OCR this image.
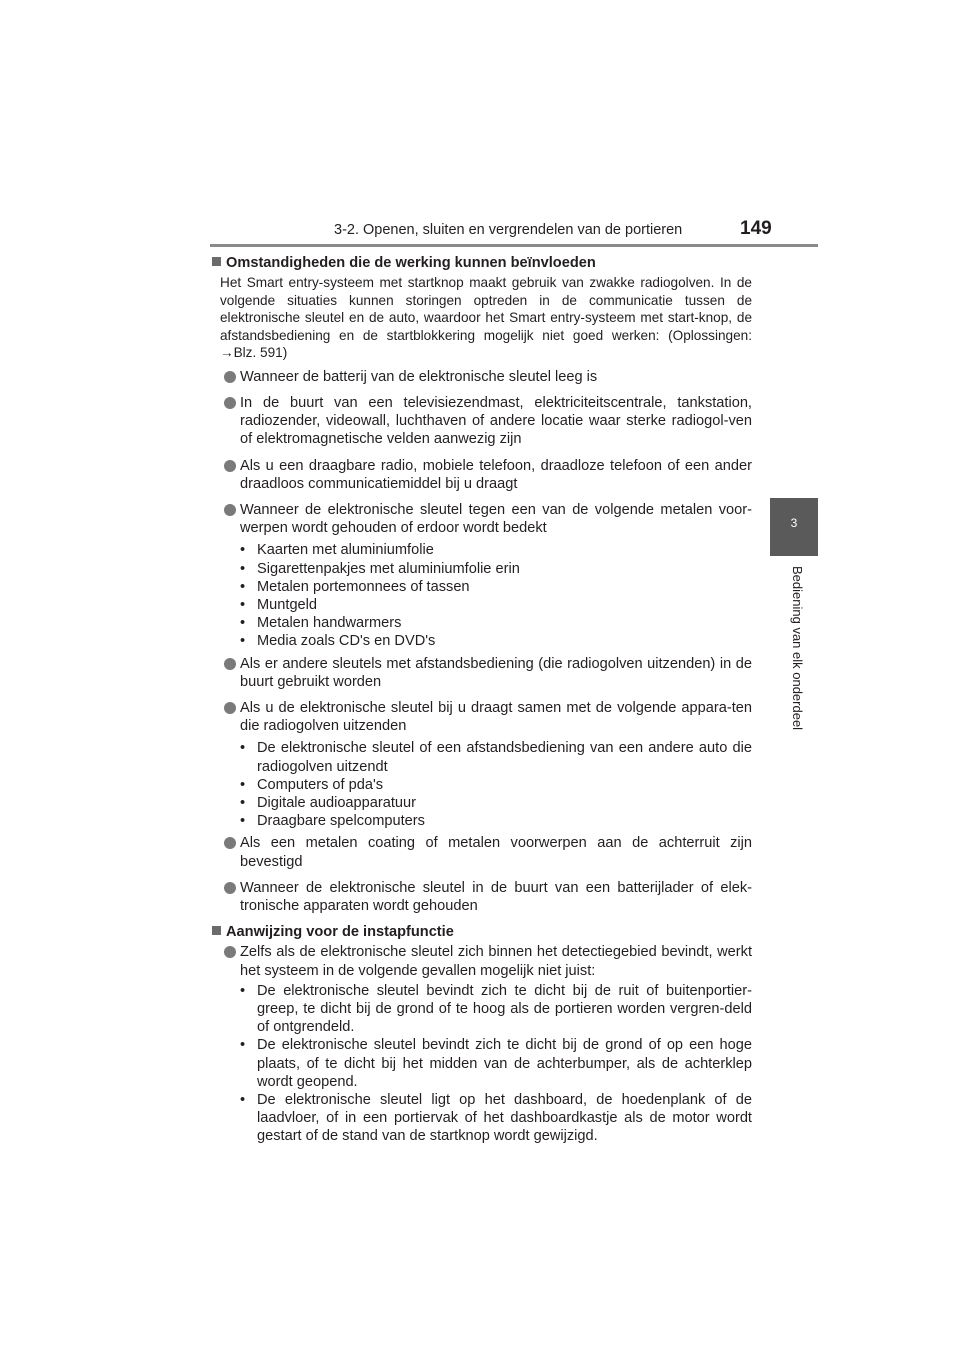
3-2. Openen, sluiten en vergrendelen van de portieren	149
3
Bediening van elk onderdeel
Omstandigheden die de werking kunnen beïnvloeden
Het Smart entry-systeem met startknop maakt gebruik van zwakke radiogolven. In de volgende situaties kunnen storingen optreden in de communicatie tussen de elektronische sleutel en de auto, waardoor het Smart entry-systeem met start-knop, de afstandsbediening en de startblokkering mogelijk niet goed werken: (Oplossingen: →Blz. 591)
Wanneer de batterij van de elektronische sleutel leeg is
In de buurt van een televisiezendmast, elektriciteitscentrale, tankstation, radiozender, videowall, luchthaven of andere locatie waar sterke radiogol-ven of elektromagnetische velden aanwezig zijn
Als u een draagbare radio, mobiele telefoon, draadloze telefoon of een ander draadloos communicatiemiddel bij u draagt
Wanneer de elektronische sleutel tegen een van de volgende metalen voor-werpen wordt gehouden of erdoor wordt bedekt
• Kaarten met aluminiumfolie
• Sigarettenpakjes met aluminiumfolie erin
• Metalen portemonnees of tassen
• Muntgeld
• Metalen handwarmers
• Media zoals CD's en DVD's
Als er andere sleutels met afstandsbediening (die radiogolven uitzenden) in de buurt gebruikt worden
Als u de elektronische sleutel bij u draagt samen met de volgende appara-ten die radiogolven uitzenden
• De elektronische sleutel of een afstandsbediening van een andere auto die radiogolven uitzendt
• Computers of pda's
• Digitale audioapparatuur
• Draagbare spelcomputers
Als een metalen coating of metalen voorwerpen aan de achterruit zijn bevestigd
Wanneer de elektronische sleutel in de buurt van een batterijlader of elek-tronische apparaten wordt gehouden
Aanwijzing voor de instapfunctie
Zelfs als de elektronische sleutel zich binnen het detectiegebied bevindt, werkt het systeem in de volgende gevallen mogelijk niet juist:
• De elektronische sleutel bevindt zich te dicht bij de ruit of buitenportier-greep, te dicht bij de grond of te hoog als de portieren worden vergren-deld of ontgrendeld.
• De elektronische sleutel bevindt zich te dicht bij de grond of op een hoge plaats, of te dicht bij het midden van de achterbumper, als de achterklep wordt geopend.
• De elektronische sleutel ligt op het dashboard, de hoedenplank of de laadvloer, of in een portiervak of het dashboardkastje als de motor wordt gestart of de stand van de startknop wordt gewijzigd.
